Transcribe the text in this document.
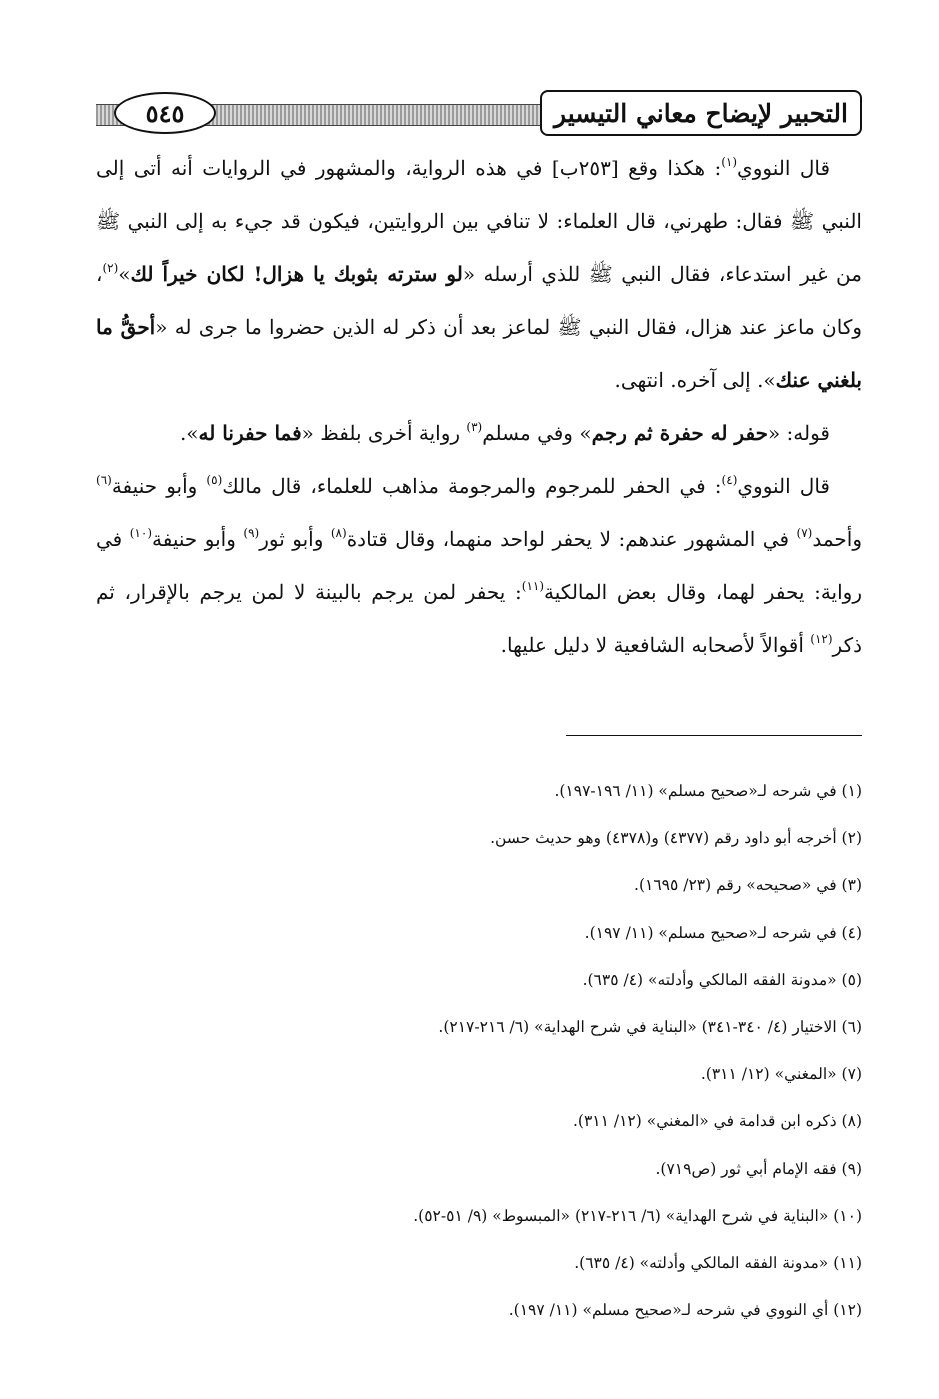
التحبير لإيضاح معاني التيسير
٥٤٥

قال النووي$^{(١)}$: هكذا وقع [٢٥٣ب] في هذه الرواية، والمشهور في الروايات أنه أتى إلى النبي ﷺ فقال: طهرني، قال العلماء: لا تنافي بين الروايتين، فيكون قد جيء به إلى النبي ﷺ من غير استدعاء، فقال النبي ﷺ للذي أرسله «لو سترته بثوبك يا هزال! لكان خيراً لك»$^{(٢)}$، وكان ماعز عند هزال، فقال النبي ﷺ لماعز بعد أن ذكر له الذين حضروا ما جرى له «أحقُّ ما بلغني عنك». إلى آخره. انتهى.

قوله: «حفر له حفرة ثم رجم» وفي مسلم$^{(٣)}$ رواية أخرى بلفظ «فما حفرنا له».

قال النووي$^{(٤)}$: في الحفر للمرجوم والمرجومة مذاهب للعلماء، قال مالك$^{(٥)}$ وأبو حنيفة$^{(٦)}$ وأحمد$^{(٧)}$ في المشهور عندهم: لا يحفر لواحد منهما، وقال قتادة$^{(٨)}$ وأبو ثور$^{(٩)}$ وأبو حنيفة$^{(١٠)}$ في رواية: يحفر لهما، وقال بعض المالكية$^{(١١)}$: يحفر لمن يرجم بالبينة لا لمن يرجم بالإقرار، ثم ذكر$^{(١٢)}$ أقوالاً لأصحابه الشافعية لا دليل عليها.

(١) في شرحه لـ«صحيح مسلم» (١١/ ١٩٦-١٩٧).
(٢) أخرجه أبو داود رقم (٤٣٧٧) و(٤٣٧٨) وهو حديث حسن.
(٣) في «صحيحه» رقم (٢٣/ ١٦٩٥).
(٤) في شرحه لـ«صحيح مسلم» (١١/ ١٩٧).
(٥) «مدونة الفقه المالكي وأدلته» (٤/ ٦٣٥).
(٦) الاختيار (٤/ ٣٤٠-٣٤١) «البناية في شرح الهداية» (٦/ ٢١٦-٢١٧).
(٧) «المغني» (١٢/ ٣١١).
(٨) ذكره ابن قدامة في «المغني» (١٢/ ٣١١).
(٩) فقه الإمام أبي ثور (ص٧١٩).
(١٠) «البناية في شرح الهداية» (٦/ ٢١٦-٢١٧) «المبسوط» (٩/ ٥١-٥٢).
(١١) «مدونة الفقه المالكي وأدلته» (٤/ ٦٣٥).
(١٢) أي النووي في شرحه لـ«صحيح مسلم» (١١/ ١٩٧).
